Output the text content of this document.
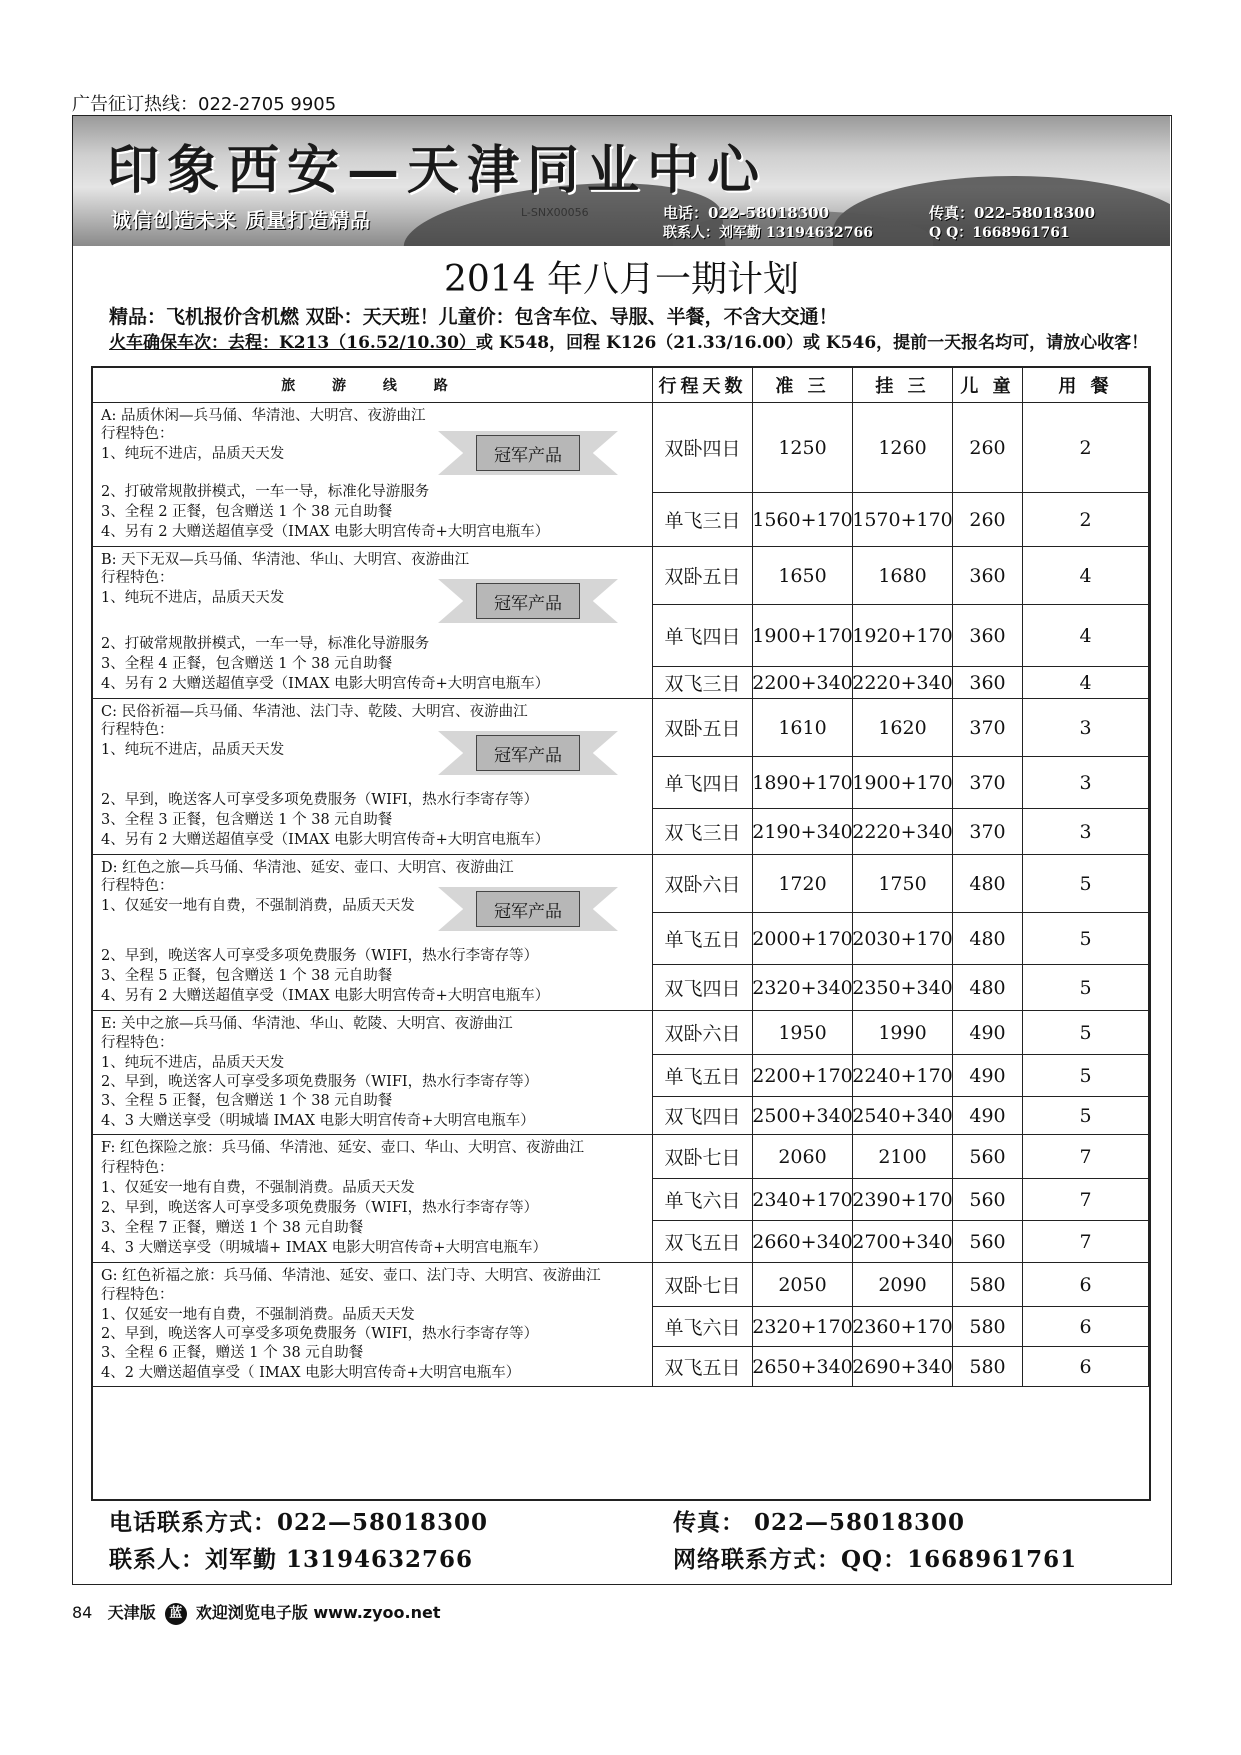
广告征订热线：022-2705 9905
印象西安—天津同业中心
诚信创造未来 质量打造精品	L-SNX00056	电话：022-58018300
联系人：刘军勤 13194632766
传真：022-58018300
Q Q：1668961761
2014 年八月一期计划
精品：飞机报价含机燃 双卧：天天班！儿童价：包含车位、导服、半餐，不含大交通！
火车确保车次：去程：K213（16.52/10.30）或 K548，回程 K126（21.33/16.00）或 K546，提前一天报名均可，请放心收客！
旅 游 线 路	行程天数	准 三	挂 三	儿 童	用 餐
A: 品质休闲—兵马俑、华清池、大明宫、夜游曲江
行程特色：
1、纯玩不进店，品质天天发
2、打破常规散拼模式，一车一导，标准化导游服务
3、全程 2 正餐，包含赠送 1 个 38 元自助餐
4、另有 2 大赠送超值享受（IMAX 电影大明宫传奇+大明宫电瓶车）
冠军产品	双卧四日	1250	1260	260	2
单飞三日 1560+170 1570+170 260	2
B: 天下无双—兵马俑、华清池、华山、大明宫、夜游曲江
行程特色：
1、纯玩不进店，品质天天发
2、打破常规散拼模式，一车一导，标准化导游服务
3、全程 4 正餐，包含赠送 1 个 38 元自助餐
4、另有 2 大赠送超值享受（IMAX 电影大明宫传奇+大明宫电瓶车）
冠军产品
双卧五日	1650	1680	360	4
单飞四日 1900+170 1920+170 360	4
双飞三日 2200+340 2220+340 360	4
C: 民俗祈福—兵马俑、华清池、法门寺、乾陵、大明宫、夜游曲江
行程特色：
1、纯玩不进店，品质天天发
2、早到，晚送客人可享受多项免费服务（WIFI，热水行李寄存等）
3、全程 3 正餐，包含赠送 1 个 38 元自助餐
4、另有 2 大赠送超值享受（IMAX 电影大明宫传奇+大明宫电瓶车）
冠军产品
双卧五日	1610	1620	370	3
单飞四日 1890+170 1900+170 370	3
双飞三日 2190+340 2220+340 370	3
D: 红色之旅—兵马俑、华清池、延安、壶口、大明宫、夜游曲江
行程特色：
1、仅延安一地有自费，不强制消费，品质天天发
2、早到，晚送客人可享受多项免费服务（WIFI，热水行李寄存等）
3、全程 5 正餐，包含赠送 1 个 38 元自助餐
4、另有 2 大赠送超值享受（IMAX 电影大明宫传奇+大明宫电瓶车）
冠军产品
双卧六日	1720	1750	480	5
单飞五日 2000+170 2030+170 480	5
双飞四日 2320+340 2350+340 480	5
E: 关中之旅—兵马俑、华清池、华山、乾陵、大明宫、夜游曲江
行程特色：
1、纯玩不进店，品质天天发
2、早到，晚送客人可享受多项免费服务（WIFI，热水行李寄存等）
3、全程 5 正餐，包含赠送 1 个 38 元自助餐
4、3 大赠送享受（明城墙 IMAX 电影大明宫传奇+大明宫电瓶车）
双卧六日	1950	1990	490	5
单飞五日 2200+170 2240+170 490	5
双飞四日 2500+340 2540+340 490	5
F: 红色探险之旅：兵马俑、华清池、延安、壶口、华山、大明宫、夜游曲江
行程特色：
1、仅延安一地有自费，不强制消费。品质天天发
2、早到，晚送客人可享受多项免费服务（WIFI，热水行李寄存等）
3、全程 7 正餐，赠送 1 个 38 元自助餐
4、3 大赠送享受（明城墙+ IMAX 电影大明宫传奇+大明宫电瓶车）
双卧七日	2060	2100	560	7
单飞六日 2340+170 2390+170 560	7
双飞五日 2660+340 2700+340 560	7
G: 红色祈福之旅：兵马俑、华清池、延安、壶口、法门寺、大明宫、夜游曲江
行程特色：
1、仅延安一地有自费，不强制消费。品质天天发
2、早到，晚送客人可享受多项免费服务（WIFI，热水行李寄存等）
3、全程 6 正餐，赠送 1 个 38 元自助餐
4、2 大赠送超值享受（ IMAX 电影大明宫传奇+大明宫电瓶车）
双卧七日	2050	2090	580	6
单飞六日 2320+170 2360+170 580	6
双飞五日 2650+340 2690+340 580	6
电话联系方式：022—58018300	传真： 022—58018300
联系人：刘军勤 13194632766	网络联系方式：QQ：1668961761
84 天津版 蓝 欢迎浏览电子版 www.zyoo.net
